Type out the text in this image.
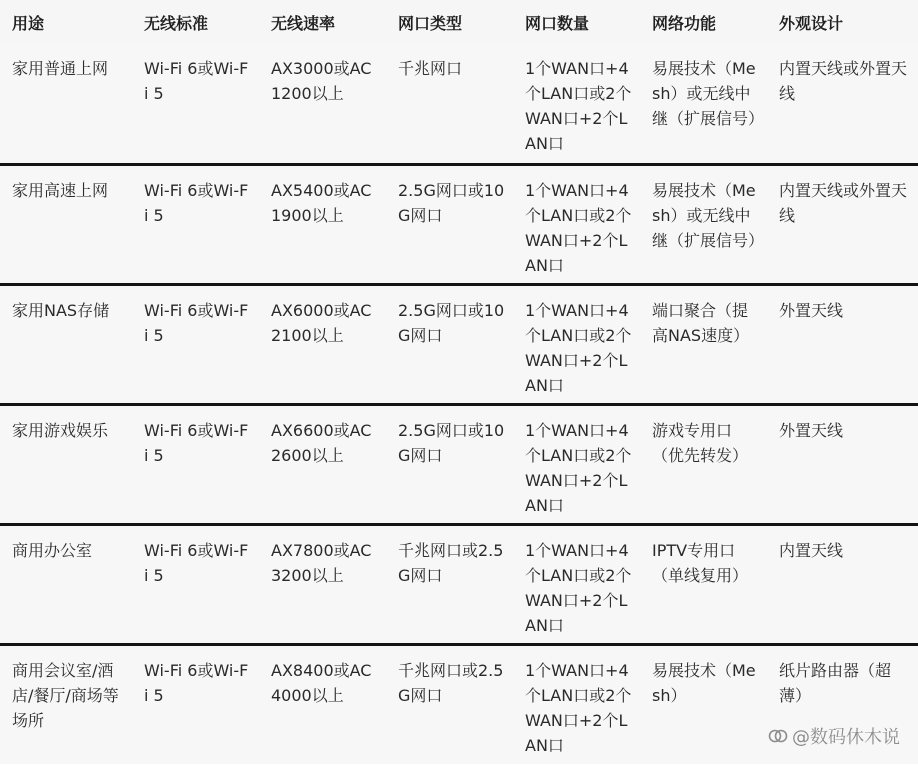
用途	无线标准	无线速率	网口类型	网口数量	网络功能	外观设计
家用普通上网	Wi-Fi 6或Wi-Fi 5	AX3000或AC1200以上	千兆网口	1个WAN口+4个LAN口或2个WAN口+2个LAN口	易展技术（Mesh）或无线中继（扩展信号）	内置天线或外置天线
家用高速上网	Wi-Fi 6或Wi-Fi 5	AX5400或AC1900以上	2.5G网口或10G网口	1个WAN口+4个LAN口或2个WAN口+2个LAN口	易展技术（Mesh）或无线中继（扩展信号）	内置天线或外置天线
家用NAS存储	Wi-Fi 6或Wi-Fi 5	AX6000或AC2100以上	2.5G网口或10G网口	1个WAN口+4个LAN口或2个WAN口+2个LAN口	端口聚合（提高NAS速度）	外置天线
家用游戏娱乐	Wi-Fi 6或Wi-Fi 5	AX6600或AC2600以上	2.5G网口或10G网口	1个WAN口+4个LAN口或2个WAN口+2个LAN口	游戏专用口（优先转发）	外置天线
商用办公室	Wi-Fi 6或Wi-Fi 5	AX7800或AC3200以上	千兆网口或2.5G网口	1个WAN口+4个LAN口或2个WAN口+2个LAN口	IPTV专用口（单线复用）	内置天线
商用会议室/酒店/餐厅/商场等场所	Wi-Fi 6或Wi-Fi 5	AX8400或AC4000以上	千兆网口或2.5G网口	1个WAN口+4个LAN口或2个WAN口+2个LAN口	易展技术（Mesh）	纸片路由器（超薄）
@数码休木说
